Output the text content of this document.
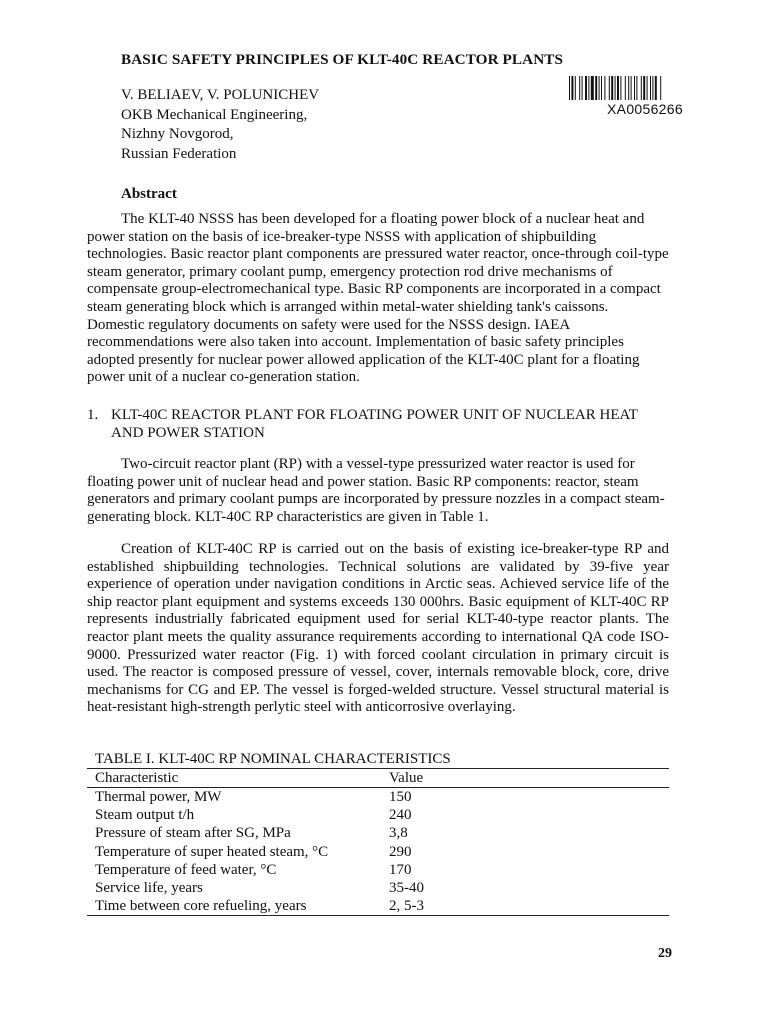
BASIC SAFETY PRINCIPLES OF KLT-40C REACTOR PLANTS
XA0056266
V. BELIAEV, V. POLUNICHEV
OKB Mechanical Engineering,
Nizhny Novgorod,
Russian Federation
Abstract

The KLT-40 NSSS has been developed for a floating power block of a nuclear heat and power station on the basis of ice-breaker-type NSSS with application of shipbuilding technologies. Basic reactor plant components are pressured water reactor, once-through coil-type steam generator, primary coolant pump, emergency protection rod drive mechanisms of compensate group-electromechanical type. Basic RP components are incorporated in a compact steam generating block which is arranged within metal-water shielding tank's caissons. Domestic regulatory documents on safety were used for the NSSS design. IAEA recommendations were also taken into account. Implementation of basic safety principles adopted presently for nuclear power allowed application of the KLT-40C plant for a floating power unit of a nuclear co-generation station.

1. KLT-40C REACTOR PLANT FOR FLOATING POWER UNIT OF NUCLEAR HEAT AND POWER STATION

Two-circuit reactor plant (RP) with a vessel-type pressurized water reactor is used for floating power unit of nuclear head and power station. Basic RP components: reactor, steam generators and primary coolant pumps are incorporated by pressure nozzles in a compact steam-generating block. KLT-40C RP characteristics are given in Table 1.

Creation of KLT-40C RP is carried out on the basis of existing ice-breaker-type RP and established shipbuilding technologies. Technical solutions are validated by 39-five year experience of operation under navigation conditions in Arctic seas. Achieved service life of the ship reactor plant equipment and systems exceeds 130 000hrs. Basic equipment of KLT-40C RP represents industrially fabricated equipment used for serial KLT-40-type reactor plants. The reactor plant meets the quality assurance requirements according to international QA code ISO-9000. Pressurized water reactor (Fig. 1) with forced coolant circulation in primary circuit is used. The reactor is composed pressure of vessel, cover, internals removable block, core, drive mechanisms for CG and EP. The vessel is forged-welded structure. Vessel structural material is heat-resistant high-strength perlytic steel with anticorrosive overlaying.

TABLE I. KLT-40C RP NOMINAL CHARACTERISTICS
Characteristic	Value
Thermal power, MW	150
Steam output t/h	240
Pressure of steam after SG, MPa	3,8
Temperature of super heated steam, °C	290
Temperature of feed water, °C	170
Service life, years	35-40
Time between core refueling, years	2, 5-3
29
